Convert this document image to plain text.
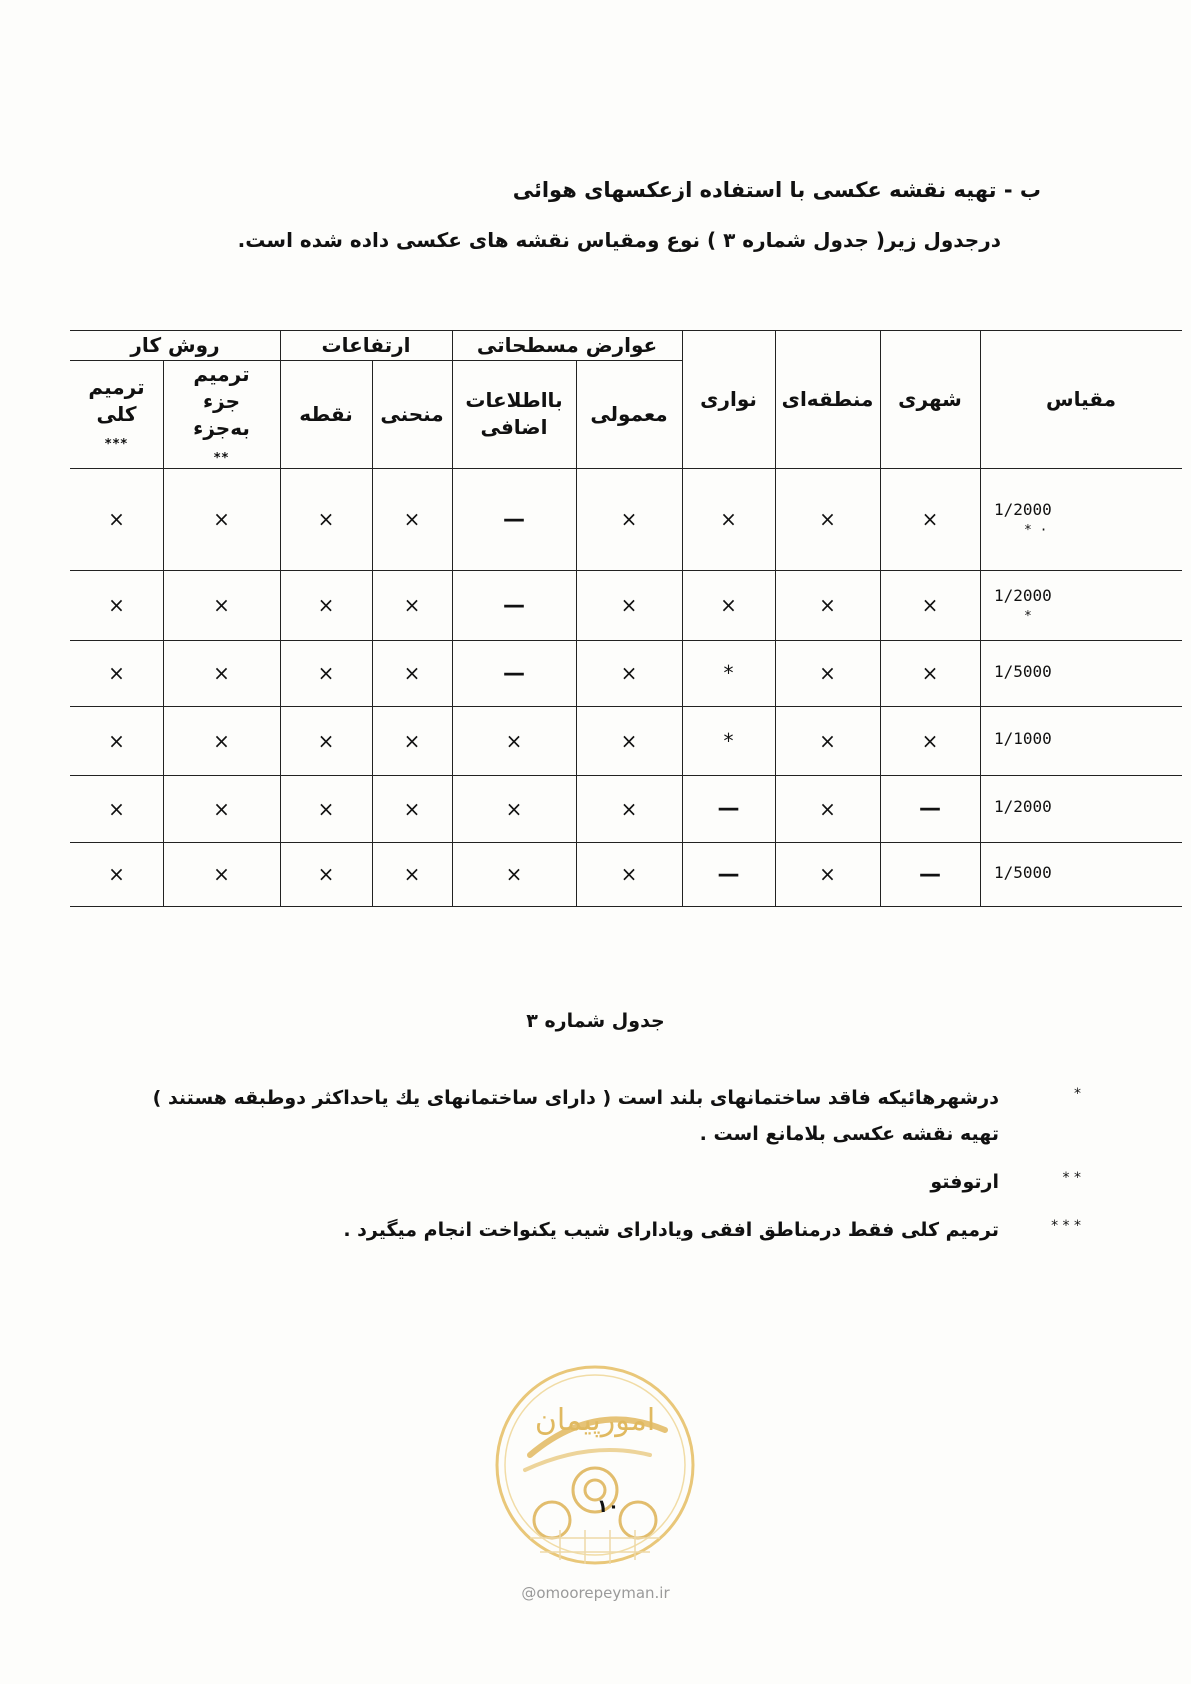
ب - تهیه نقشه عکسی با استفاده ازعکسهای هوائی
درجدول زیر( جدول شماره ۳ ) نوع ومقیاس نقشه های عکسی داده شده است.
روش کار	ارتفاعات	عوارض مسطحاتی
مقیاس
شهری
منطقه‌ای
نواری
معمولی
بااطلاعات اضافی
منحنی
نقطه
ترمیم جزء به‌جزء
**
ترمیم کلی
***
1/2000
* ·
×
×
×
×
—
×
×
×
×
1/2000
*
×
×
×
×
—
×
×
×
×
1/5000
×
×
*
×
—
×
×
×
×
1/1000
×
×
*
×
×
×
×
×
×
1/2000
—
×
—
×
×
×
×
×
×
1/5000
—
×
—
×
×
×
×
×
×
جدول شماره ۳
*
درشهرهائیکه فاقد ساختمانهای بلند است ( دارای ساختمانهای یك یاحداکثر دوطبقه هستند ) تهیه نقشه عکسی بلامانع است .
* *
ارتوفتو
* * *
ترمیم کلی فقط درمناطق افقی ویادارای شیب یکنواخت انجام میگیرد .
امورپیمان
۱۰
@omoorepeyman.ir
